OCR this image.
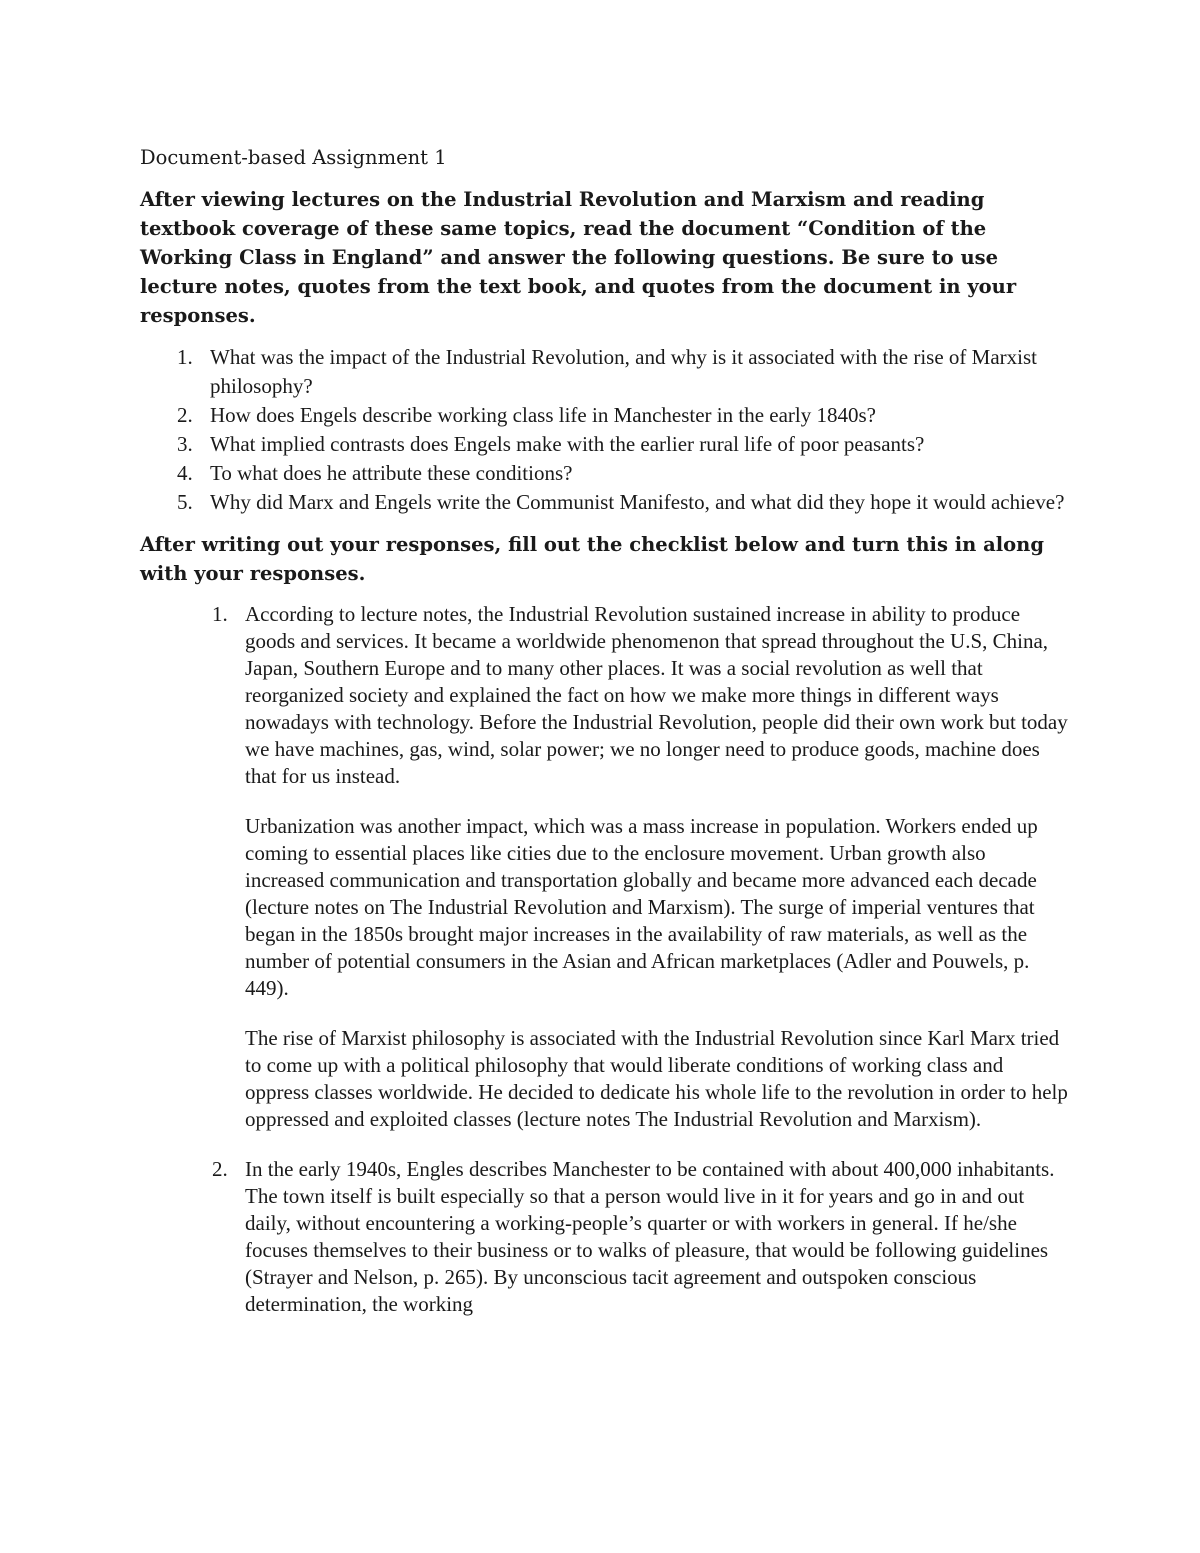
Document-based Assignment 1
After viewing lectures on the Industrial Revolution and Marxism and reading textbook coverage of these same topics, read the document “Condition of the Working Class in England” and answer the following questions. Be sure to use lecture notes, quotes from the text book, and quotes from the document in your responses.
1. What was the impact of the Industrial Revolution, and why is it associated with the rise of Marxist philosophy?
2. How does Engels describe working class life in Manchester in the early 1840s?
3. What implied contrasts does Engels make with the earlier rural life of poor peasants?
4. To what does he attribute these conditions?
5. Why did Marx and Engels write the Communist Manifesto, and what did they hope it would achieve?
After writing out your responses, fill out the checklist below and turn this in along with your responses.
1. According to lecture notes, the Industrial Revolution sustained increase in ability to produce goods and services. It became a worldwide phenomenon that spread throughout the U.S, China, Japan, Southern Europe and to many other places. It was a social revolution as well that reorganized society and explained the fact on how we make more things in different ways nowadays with technology. Before the Industrial Revolution, people did their own work but today we have machines, gas, wind, solar power; we no longer need to produce goods, machine does that for us instead.

Urbanization was another impact, which was a mass increase in population. Workers ended up coming to essential places like cities due to the enclosure movement. Urban growth also increased communication and transportation globally and became more advanced each decade (lecture notes on The Industrial Revolution and Marxism). The surge of imperial ventures that began in the 1850s brought major increases in the availability of raw materials, as well as the number of potential consumers in the Asian and African marketplaces (Adler and Pouwels, p. 449).

The rise of Marxist philosophy is associated with the Industrial Revolution since Karl Marx tried to come up with a political philosophy that would liberate conditions of working class and oppress classes worldwide. He decided to dedicate his whole life to the revolution in order to help oppressed and exploited classes (lecture notes The Industrial Revolution and Marxism).

2. In the early 1940s, Engles describes Manchester to be contained with about 400,000 inhabitants. The town itself is built especially so that a person would live in it for years and go in and out daily, without encountering a working-people’s quarter or with workers in general. If he/she focuses themselves to their business or to walks of pleasure, that would be following guidelines (Strayer and Nelson, p. 265). By unconscious tacit agreement and outspoken conscious determination, the working
